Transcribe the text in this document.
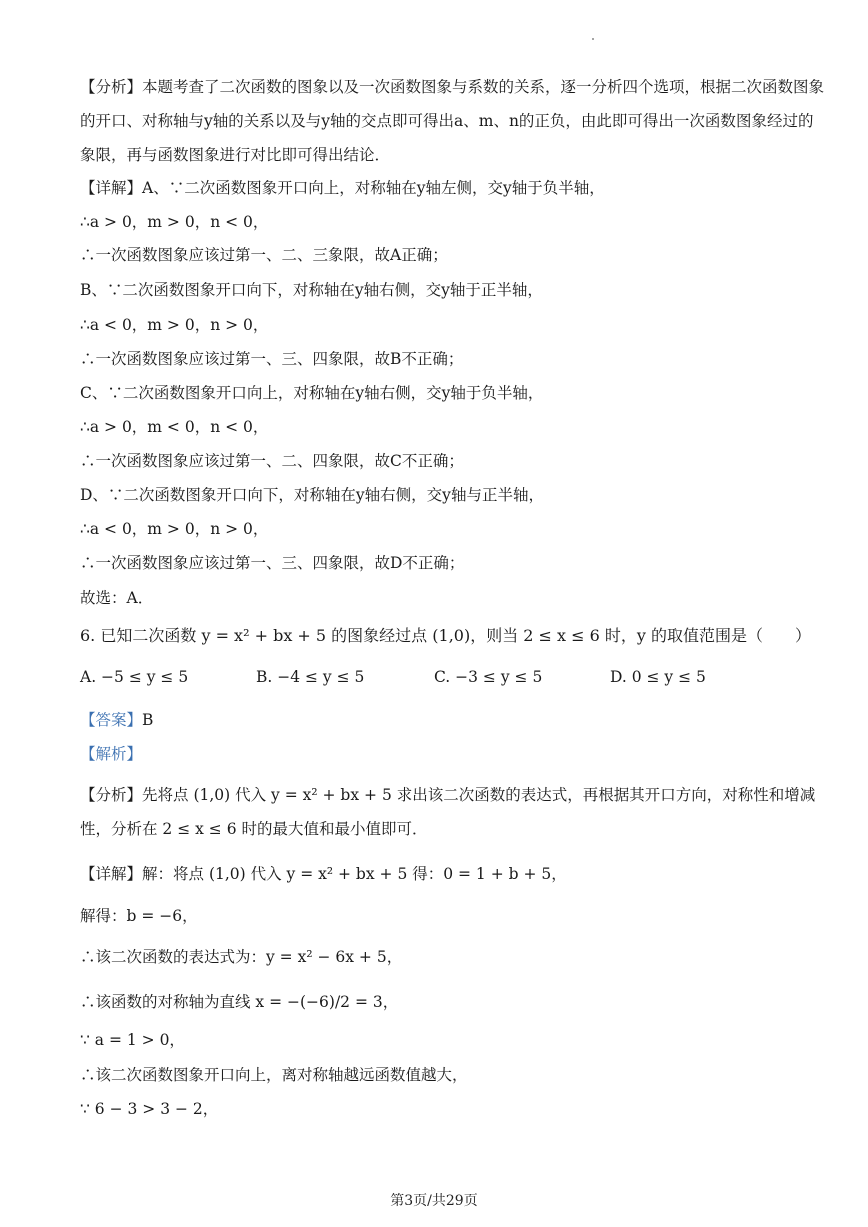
【分析】本题考查了二次函数的图象以及一次函数图象与系数的关系，逐一分析四个选项，根据二次函数图象的开口、对称轴与y轴的关系以及与y轴的交点即可得出a、m、n的正负，由此即可得出一次函数图象经过的象限，再与函数图象进行对比即可得出结论．
【详解】A、∵二次函数图象开口向上，对称轴在y轴左侧，交y轴于负半轴，
∴a > 0，m > 0，n < 0，
∴一次函数图象应该过第一、二、三象限，故A正确；
B、∵二次函数图象开口向下，对称轴在y轴右侧，交y轴于正半轴，
∴a < 0，m > 0，n > 0，
∴一次函数图象应该过第一、三、四象限，故B不正确；
C、∵二次函数图象开口向上，对称轴在y轴右侧，交y轴于负半轴，
∴a > 0，m < 0，n < 0，
∴一次函数图象应该过第一、二、四象限，故C不正确；
D、∵二次函数图象开口向下，对称轴在y轴右侧，交y轴与正半轴，
∴a < 0，m > 0，n > 0，
∴一次函数图象应该过第一、三、四象限，故D不正确；
故选：A．
6. 已知二次函数 y = x² + bx + 5 的图象经过点 (1,0)，则当 2 ≤ x ≤ 6 时，y 的取值范围是（　　）
A. −5 ≤ y ≤ 5	B. −4 ≤ y ≤ 5	C. −3 ≤ y ≤ 5	D. 0 ≤ y ≤ 5
【答案】B
【解析】
【分析】先将点 (1,0) 代入 y = x² + bx + 5 求出该二次函数的表达式，再根据其开口方向，对称性和增减性，分析在 2 ≤ x ≤ 6 时的最大值和最小值即可．
【详解】解：将点 (1,0) 代入 y = x² + bx + 5 得：0 = 1 + b + 5，
解得：b = −6，
∴该二次函数的表达式为：y = x² − 6x + 5，
∴该函数的对称轴为直线 x = −(−6)/2 = 3，
∵ a = 1 > 0，
∴该二次函数图象开口向上，离对称轴越远函数值越大，
∵ 6 − 3 > 3 − 2，
第3页/共29页
